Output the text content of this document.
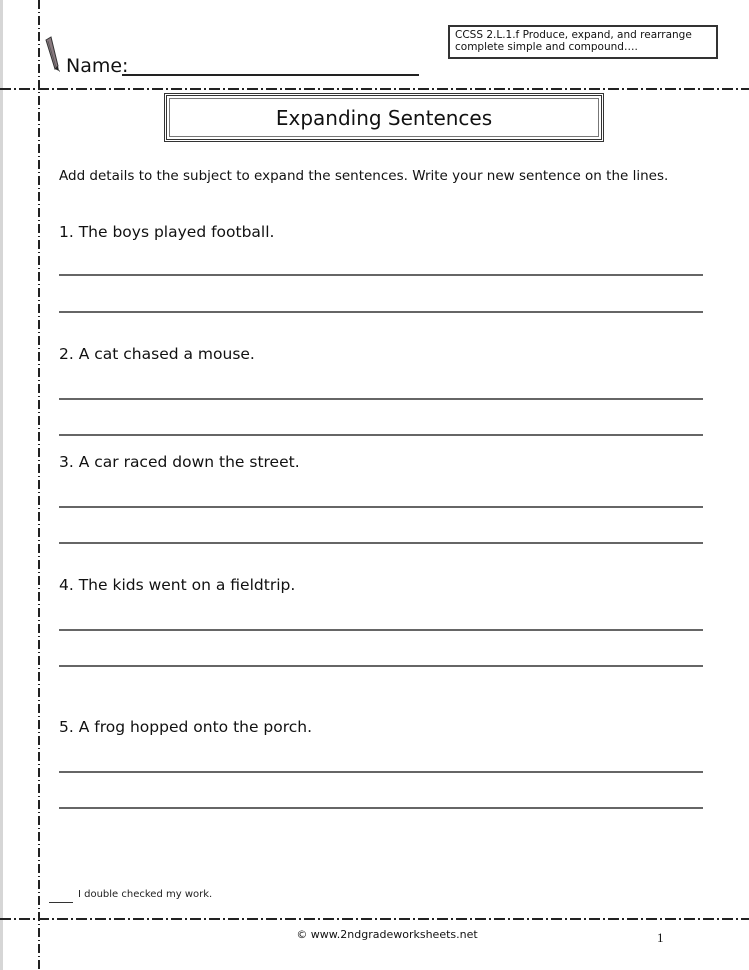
Name:
CCSS 2.L.1.f Produce, expand, and rearrange complete simple and compound….
Expanding Sentences
Add details to the subject to expand the sentences. Write your new sentence on the lines.
1. The boys played football.
2. A cat chased a mouse.
3. A car raced down the street.
4. The kids went on a fieldtrip.
5. A frog hopped onto the porch.
I double checked my work.
© www.2ndgradeworksheets.net	1
